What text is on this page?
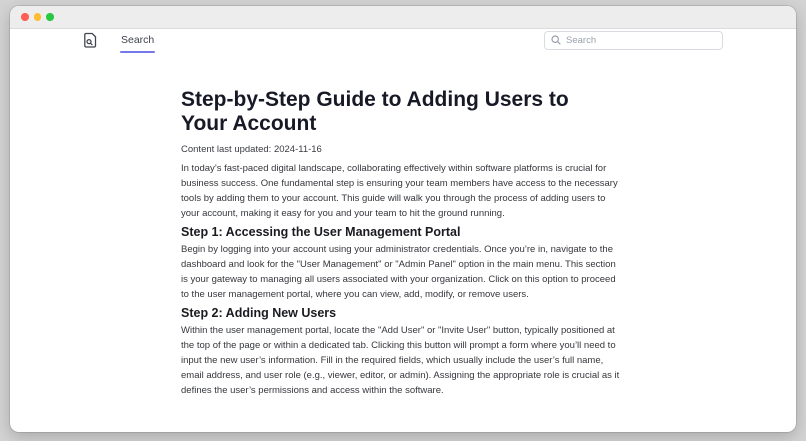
Search
Search
Step-by-Step Guide to Adding Users to Your Account

Content last updated: 2024-11-16

In today’s fast-paced digital landscape, collaborating effectively within software platforms is crucial for business success. One fundamental step is ensuring your team members have access to the necessary tools by adding them to your account. This guide will walk you through the process of adding users to your account, making it easy for you and your team to hit the ground running.

Step 1: Accessing the User Management Portal

Begin by logging into your account using your administrator credentials. Once you’re in, navigate to the dashboard and look for the "User Management" or "Admin Panel" option in the main menu. This section is your gateway to managing all users associated with your organization. Click on this option to proceed to the user management portal, where you can view, add, modify, or remove users.

Step 2: Adding New Users

Within the user management portal, locate the "Add User" or "Invite User" button, typically positioned at the top of the page or within a dedicated tab. Clicking this button will prompt a form where you’ll need to input the new user’s information. Fill in the required fields, which usually include the user’s full name, email address, and user role (e.g., viewer, editor, or admin). Assigning the appropriate role is crucial as it defines the user’s permissions and access within the software.
